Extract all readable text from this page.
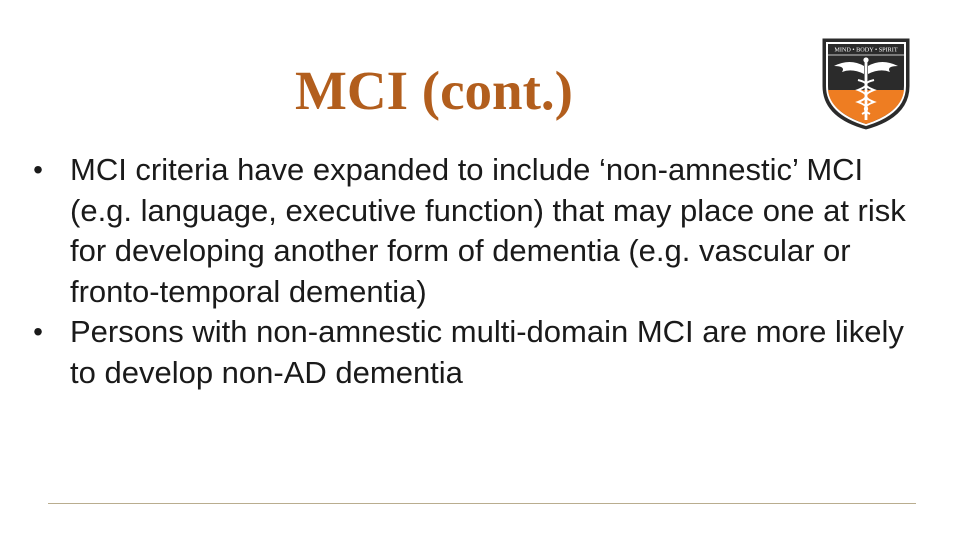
MCI (cont.)
MIND • BODY • SPIRIT
• MCI criteria have expanded to include ‘non-amnestic’ MCI (e.g. language, executive function) that may place one at risk for developing another form of dementia (e.g. vascular or fronto-temporal dementia)
• Persons with non-amnestic multi-domain MCI are more likely to develop non-AD dementia
